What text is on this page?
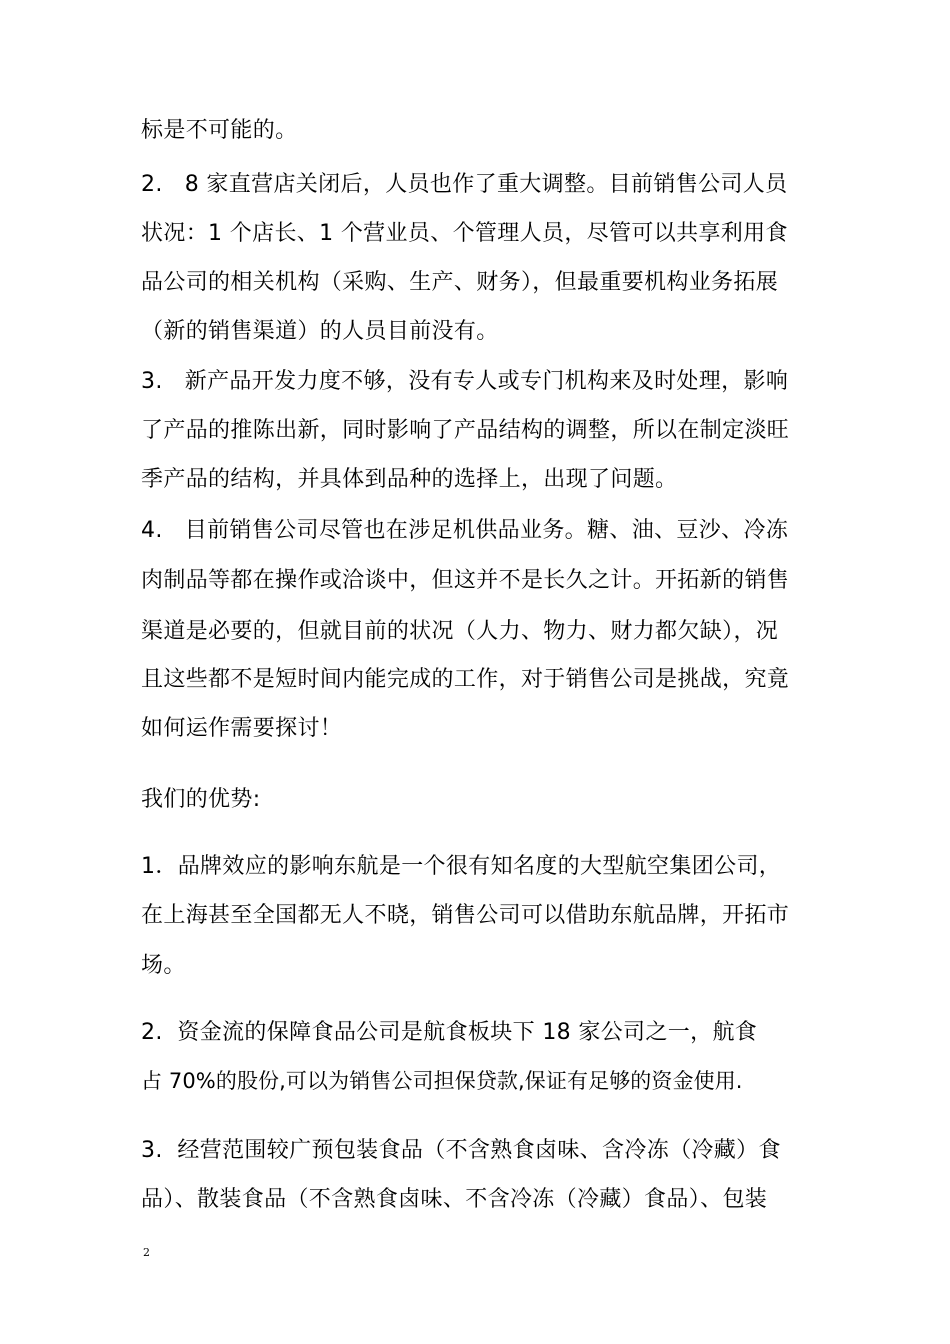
标是不可能的。
2.   8 家直营店关闭后，人员也作了重大调整。目前销售公司人员
状况：1 个店长、1 个营业员、个管理人员，尽管可以共享利用食
品公司的相关机构（采购、生产、财务），但最重要机构业务拓展
（新的销售渠道）的人员目前没有。
3.   新产品开发力度不够，没有专人或专门机构来及时处理，影响
了产品的推陈出新，同时影响了产品结构的调整，所以在制定淡旺
季产品的结构，并具体到品种的选择上，出现了问题。
4.   目前销售公司尽管也在涉足机供品业务。糖、油、豆沙、冷冻
肉制品等都在操作或洽谈中，但这并不是长久之计。开拓新的销售
渠道是必要的，但就目前的状况（人力、物力、财力都欠缺），况
且这些都不是短时间内能完成的工作，对于销售公司是挑战，究竟
如何运作需要探讨！
我们的优势:
1．品牌效应的影响东航是一个很有知名度的大型航空集团公司，
在上海甚至全国都无人不晓，销售公司可以借助东航品牌，开拓市
场。
2.  资金流的保障食品公司是航食板块下 18 家公司之一，航食
占 70%的股份,可以为销售公司担保贷款,保证有足够的资金使用.
3.  经营范围较广预包装食品（不含熟食卤味、含冷冻（冷藏）食
品）、散装食品（不含熟食卤味、不含冷冻（冷藏）食品）、包装
2
